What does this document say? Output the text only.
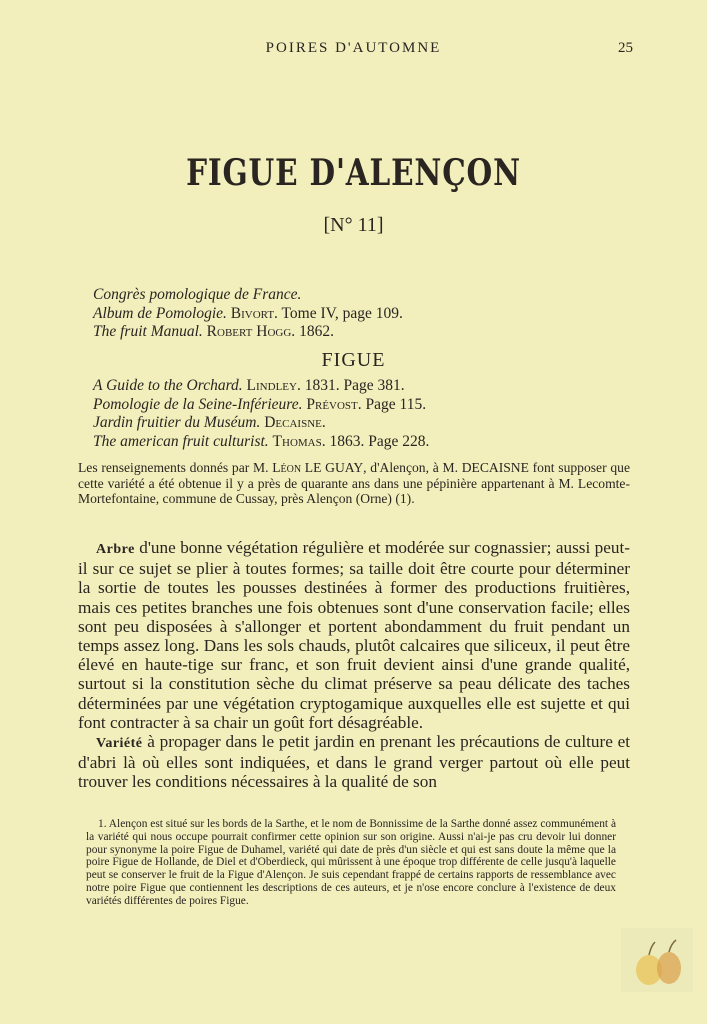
POIRES D'AUTOMNE	25
FIGUE D'ALENÇON
[N° 11]
Congrès pomologique de France.
Album de Pomologie. Bivort. Tome IV, page 109.
The fruit Manual. Robert Hogg. 1862.
FIGUE
A Guide to the Orchard. Lindley. 1831. Page 381.
Pomologie de la Seine-Inférieure. Prévost. Page 115.
Jardin fruitier du Muséum. Decaisne.
The american fruit culturist. Thomas. 1863. Page 228.
Les renseignements donnés par M. Léon LE GUAY, d'Alençon, à M. DECAISNE font supposer que cette variété a été obtenue il y a près de quarante ans dans une pépinière appartenant à M. Lecomte-Mortefontaine, commune de Cussay, près Alençon (Orne) (1).

Arbre d'une bonne végétation régulière et modérée sur cognassier; aussi peut-il sur ce sujet se plier à toutes formes; sa taille doit être courte pour déterminer la sortie de toutes les pousses destinées à former des productions fruitières, mais ces petites branches une fois obtenues sont d'une conservation facile; elles sont peu disposées à s'allonger et portent abondamment du fruit pendant un temps assez long. Dans les sols chauds, plutôt calcaires que siliceux, il peut être élevé en haute-tige sur franc, et son fruit devient ainsi d'une grande qualité, surtout si la constitution sèche du climat préserve sa peau délicate des taches déterminées par une végétation cryptogamique auxquelles elle est sujette et qui font contracter à sa chair un goût fort désagréable.

Variété à propager dans le petit jardin en prenant les précautions de culture et d'abri là où elles sont indiquées, et dans le grand verger partout où elle peut trouver les conditions nécessaires à la qualité de son

1. Alençon est situé sur les bords de la Sarthe, et le nom de Bonnissime de la Sarthe donné assez communément à la variété qui nous occupe pourrait confirmer cette opinion sur son origine. Aussi n'ai-je pas cru devoir lui donner pour synonyme la poire Figue de Duhamel, variété qui date de près d'un siècle et qui est sans doute la même que la poire Figue de Hollande, de Diel et d'Oberdieck, qui mûrissent à une époque trop différente de celle jusqu'à laquelle peut se conserver le fruit de la Figue d'Alençon. Je suis cependant frappé de certains rapports de ressemblance avec notre poire Figue que contiennent les descriptions de ces auteurs, et je n'ose encore conclure à l'existence de deux variétés différentes de poires Figue.
